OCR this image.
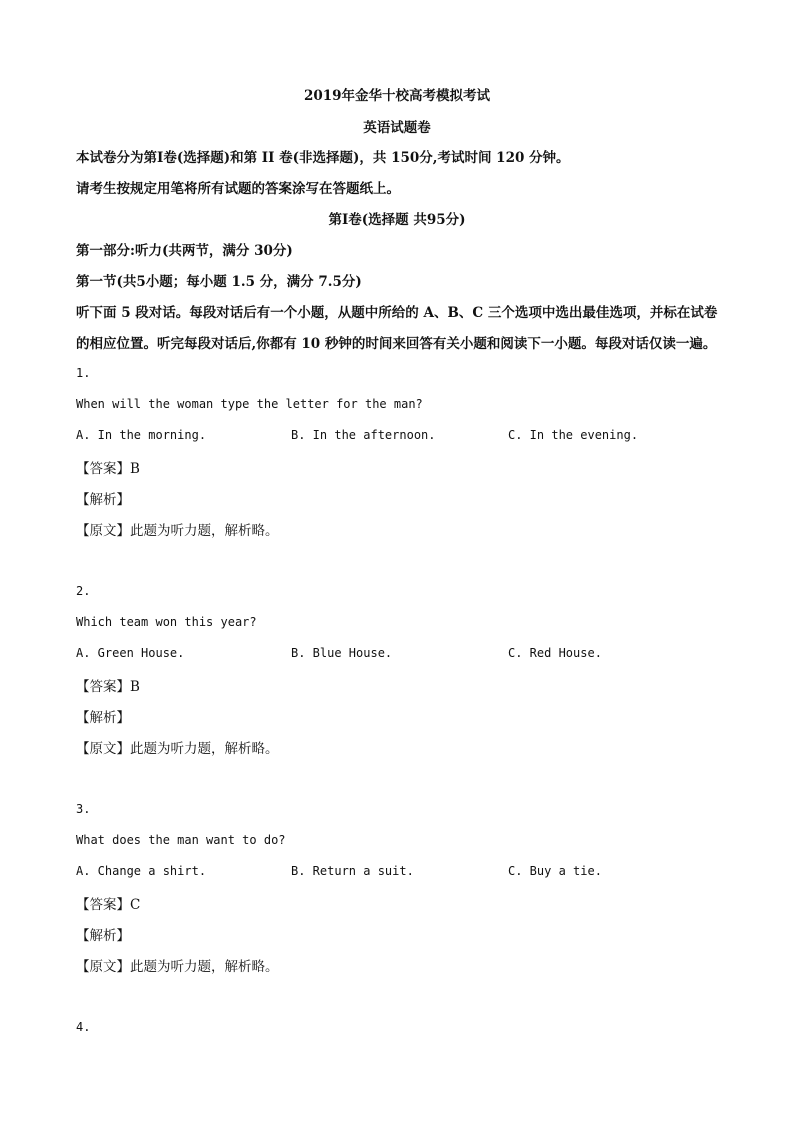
2019年金华十校高考模拟考试
英语试题卷
本试卷分为第Ⅰ卷(选择题)和第 II 卷(非选择题)，共 150分,考试时间 120 分钟。
请考生按规定用笔将所有试题的答案涂写在答题纸上。
第Ⅰ卷(选择题 共95分)
第一部分:听力(共两节，满分 30分)
第一节(共5小题；每小题 1.5 分，满分 7.5分)
听下面 5 段对话。每段对话后有一个小题，从题中所给的 A、B、C 三个选项中选出最佳选项，并标在试卷
的相应位置。听完每段对话后,你都有 10 秒钟的时间来回答有关小题和阅读下一小题。每段对话仅读一遍。
1.
When will the woman type the letter for the man?
A. In the morning.	B. In the afternoon.	C. In the evening.
【答案】B
【解析】
【原文】此题为听力题，解析略。
2.
Which team won this year?
A. Green House.	B. Blue House.	C. Red House.
【答案】B
【解析】
【原文】此题为听力题，解析略。
3.
What does the man want to do?
A. Change a shirt.	B. Return a suit.	C. Buy a tie.
【答案】C
【解析】
【原文】此题为听力题，解析略。
4.
